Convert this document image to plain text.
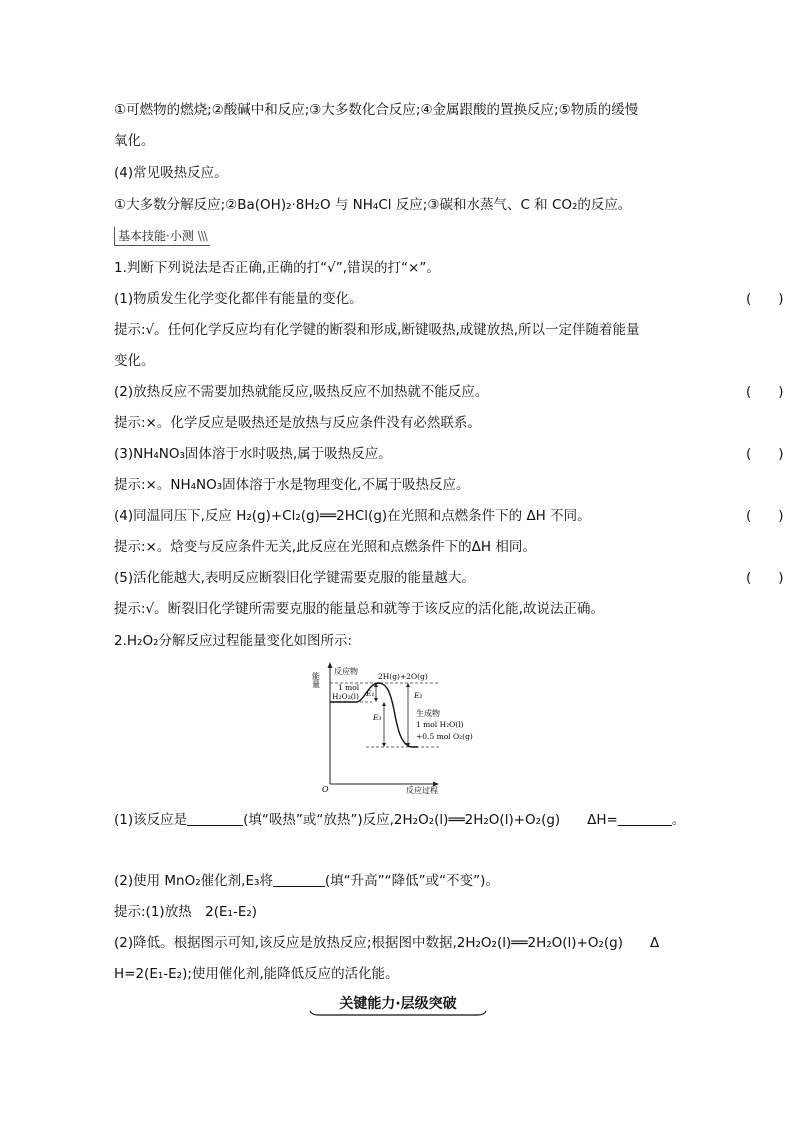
①可燃物的燃烧;②酸碱中和反应;③大多数化合反应;④金属跟酸的置换反应;⑤物质的缓慢
氧化。
(4)常见吸热反应。
①大多数分解反应;②Ba(OH)₂·8H₂O 与 NH₄Cl 反应;③碳和水蒸气、C 和 CO₂的反应。
基本技能·小测 \\\
1.判断下列说法是否正确,正确的打“√”,错误的打“×”。
(1)物质发生化学变化都伴有能量的变化。	(　　)
提示:√。任何化学反应均有化学键的断裂和形成,断键吸热,成键放热,所以一定伴随着能量
变化。
(2)放热反应不需要加热就能反应,吸热反应不加热就不能反应。	(　　)
提示:×。化学反应是吸热还是放热与反应条件没有必然联系。
(3)NH₄NO₃固体溶于水时吸热,属于吸热反应。	(　　)
提示:×。NH₄NO₃固体溶于水是物理变化,不属于吸热反应。
(4)同温同压下,反应 H₂(g)+Cl₂(g)══2HCl(g)在光照和点燃条件下的 ΔH 不同。	(　　)
提示:×。焓变与反应条件无关,此反应在光照和点燃条件下的ΔH 相同。
(5)活化能越大,表明反应断裂旧化学键需要克服的能量越大。	(　　)
提示:√。断裂旧化学键所需要克服的能量总和就等于该反应的活化能,故说法正确。
2.H₂O₂分解反应过程能量变化如图所示:
能量
反应物
2H(g)+2O(g)
1 mol
H₂O₂(l) E₁	E₂
E₃	生成物
1 mol H₂O(l)
+0.5 mol O₂(g)
O	反应过程
(1)该反应是	(填“吸热”或“放热”)反应,2H₂O₂(l)══2H₂O(l)+O₂(g)　　ΔH=	。
(2)使用 MnO₂催化剂,E₃将	(填“升高”“降低”或“不变”)。
提示:(1)放热　2(E₁-E₂)
(2)降低。根据图示可知,该反应是放热反应;根据图中数据,2H₂O₂(l)══2H₂O(l)+O₂(g)　　Δ
H=2(E₁-E₂);使用催化剂,能降低反应的活化能。
关键能力·层级突破
